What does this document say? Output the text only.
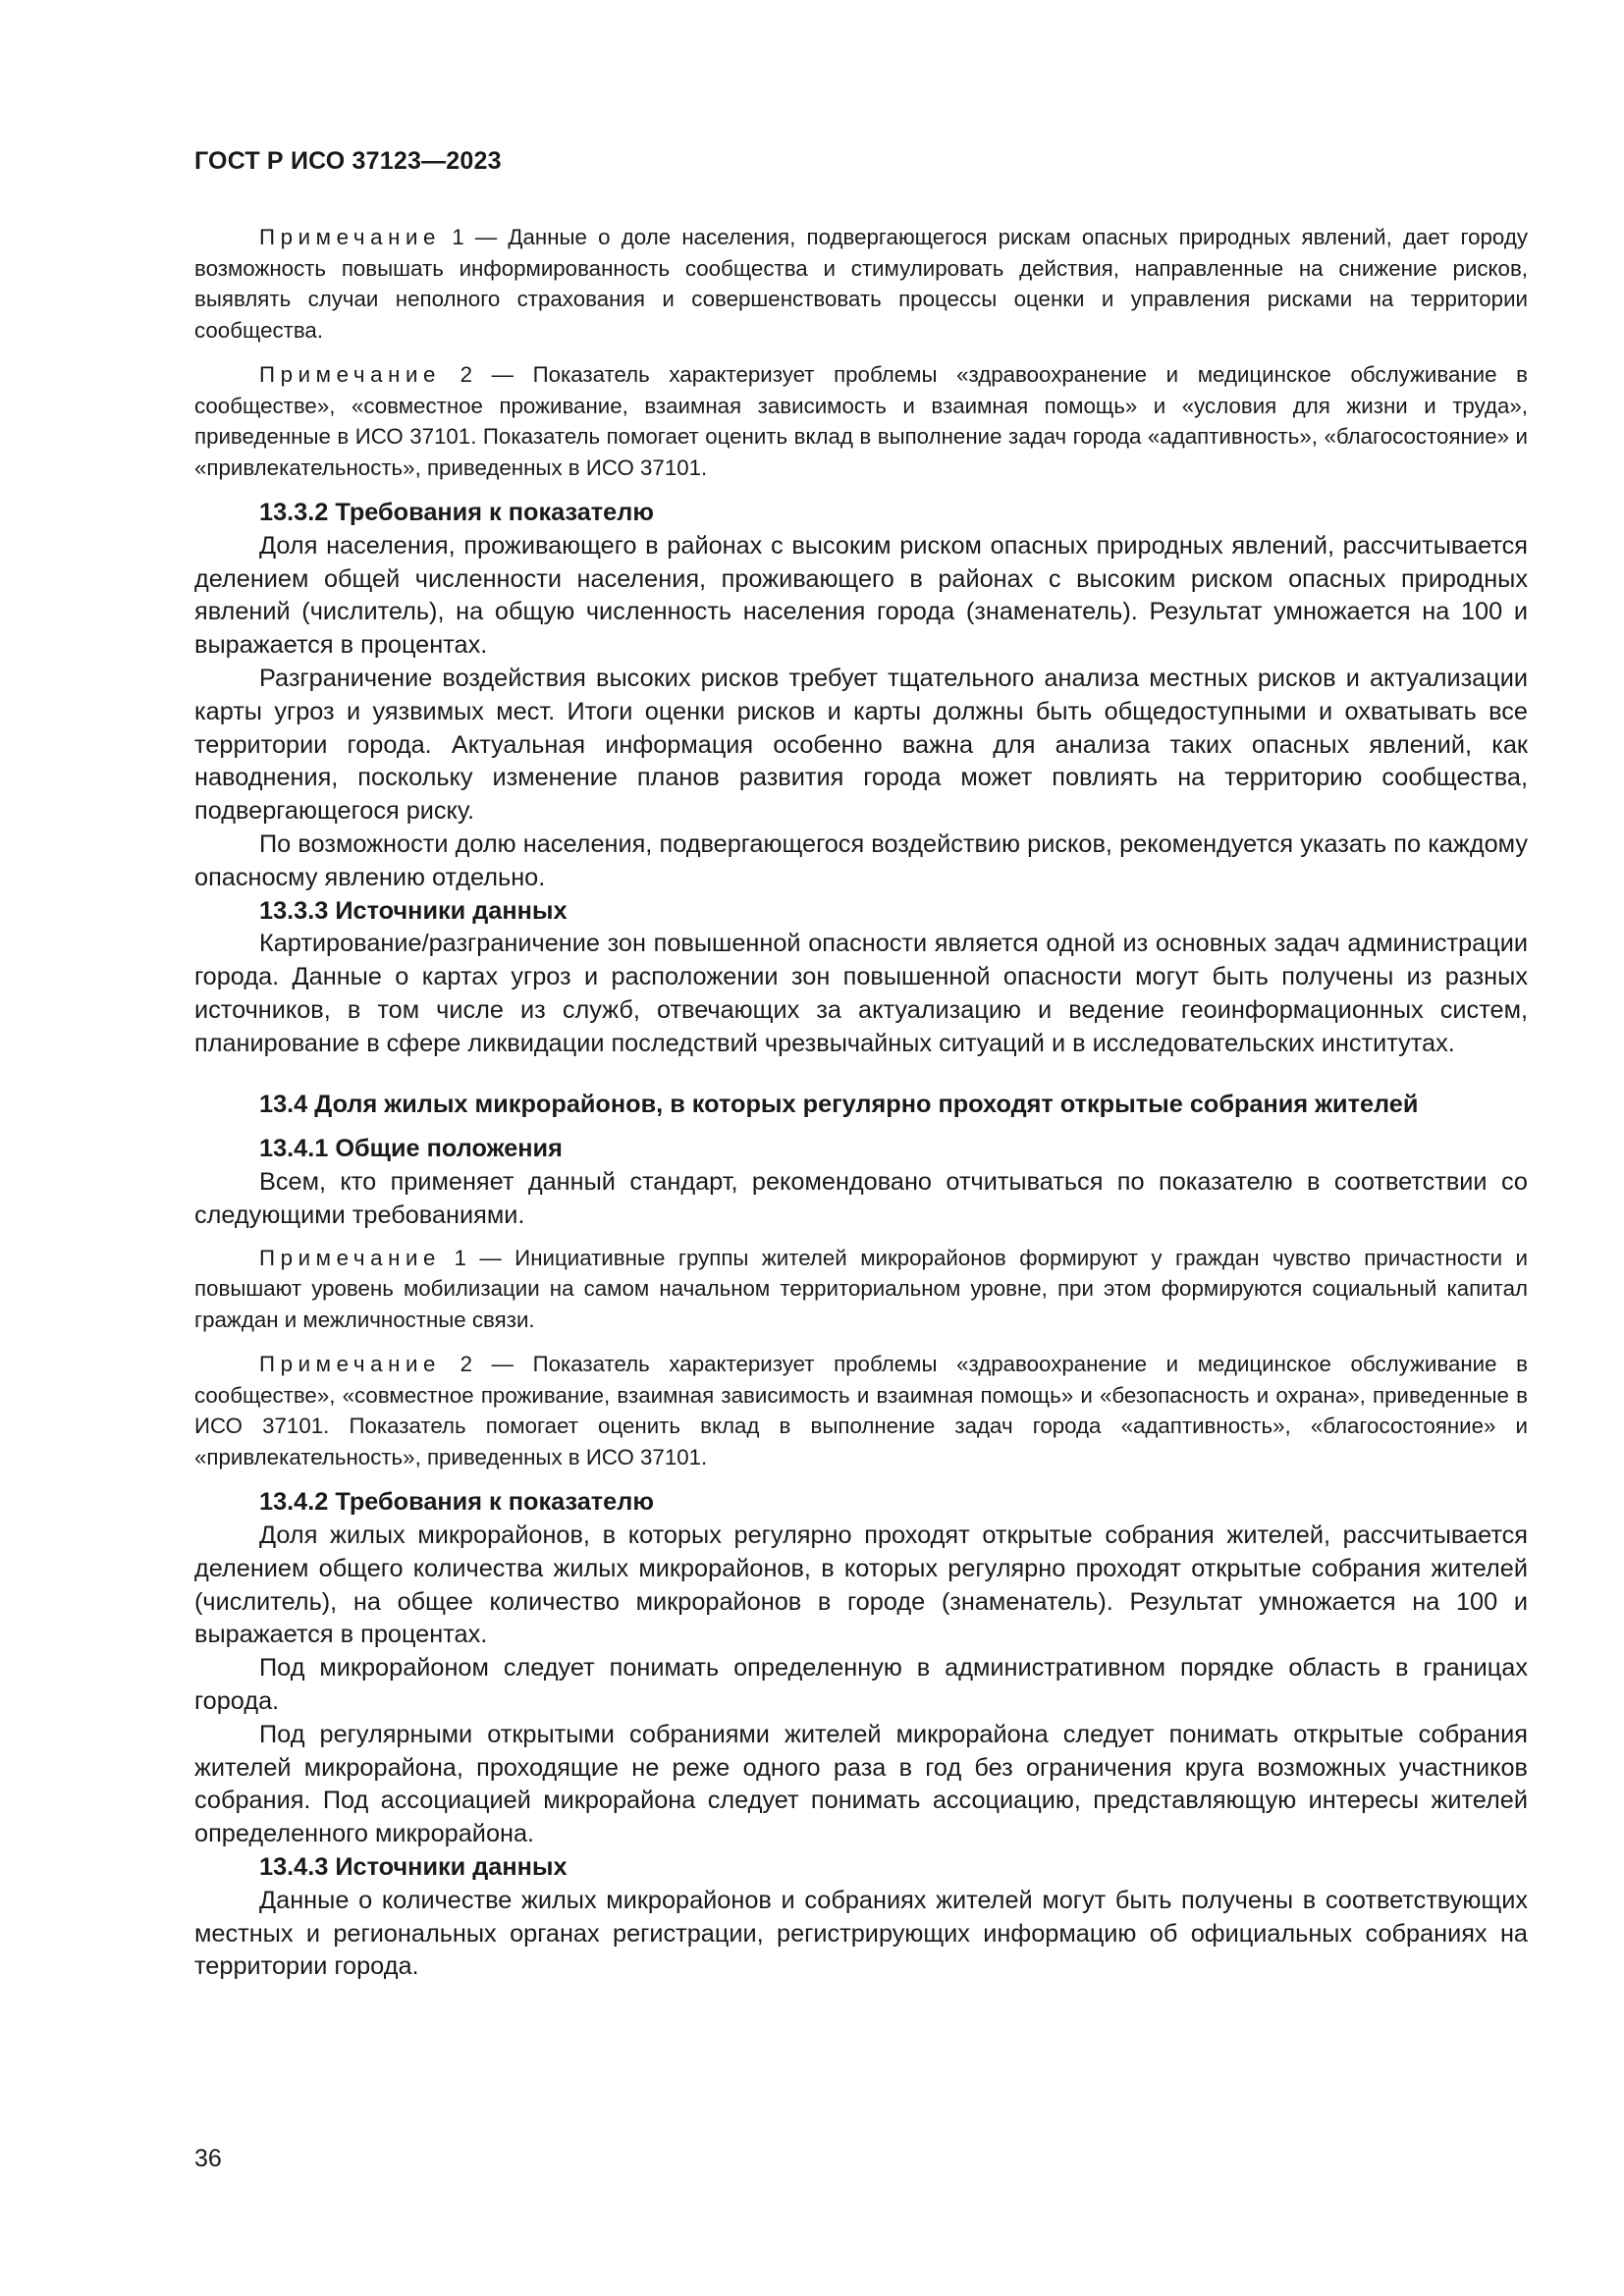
ГОСТ Р ИСО 37123—2023

Примечание 1 — Данные о доле населения, подвергающегося рискам опасных природных явлений, дает городу возможность повышать информированность сообщества и стимулировать действия, направленные на снижение рисков, выявлять случаи неполного страхования и совершенствовать процессы оценки и управления рисками на территории сообщества.

Примечание 2 — Показатель характеризует проблемы «здравоохранение и медицинское обслуживание в сообществе», «совместное проживание, взаимная зависимость и взаимная помощь» и «условия для жизни и труда», приведенные в ИСО 37101. Показатель помогает оценить вклад в выполнение задач города «адаптивность», «благосостояние» и «привлекательность», приведенных в ИСО 37101.

13.3.2 Требования к показателю

Доля населения, проживающего в районах с высоким риском опасных природных явлений, рассчитывается делением общей численности населения, проживающего в районах с высоким риском опасных природных явлений (числитель), на общую численность населения города (знаменатель). Результат умножается на 100 и выражается в процентах.

Разграничение воздействия высоких рисков требует тщательного анализа местных рисков и актуализации карты угроз и уязвимых мест. Итоги оценки рисков и карты должны быть общедоступными и охватывать все территории города. Актуальная информация особенно важна для анализа таких опасных явлений, как наводнения, поскольку изменение планов развития города может повлиять на территорию сообщества, подвергающегося риску.

По возможности долю населения, подвергающегося воздействию рисков, рекомендуется указать по каждому опасносму явлению отдельно.

13.3.3 Источники данных

Картирование/разграничение зон повышенной опасности является одной из основных задач администрации города. Данные о картах угроз и расположении зон повышенной опасности могут быть получены из разных источников, в том числе из служб, отвечающих за актуализацию и ведение геоинформационных систем, планирование в сфере ликвидации последствий чрезвычайных ситуаций и в исследовательских институтах.

13.4 Доля жилых микрорайонов, в которых регулярно проходят открытые собрания жителей

13.4.1 Общие положения

Всем, кто применяет данный стандарт, рекомендовано отчитываться по показателю в соответствии со следующими требованиями.

Примечание 1 — Инициативные группы жителей микрорайонов формируют у граждан чувство причастности и повышают уровень мобилизации на самом начальном территориальном уровне, при этом формируются социальный капитал граждан и межличностные связи.

Примечание 2 — Показатель характеризует проблемы «здравоохранение и медицинское обслуживание в сообществе», «совместное проживание, взаимная зависимость и взаимная помощь» и «безопасность и охрана», приведенные в ИСО 37101. Показатель помогает оценить вклад в выполнение задач города «адаптивность», «благосостояние» и «привлекательность», приведенных в ИСО 37101.

13.4.2 Требования к показателю

Доля жилых микрорайонов, в которых регулярно проходят открытые собрания жителей, рассчитывается делением общего количества жилых микрорайонов, в которых регулярно проходят открытые собрания жителей (числитель), на общее количество микрорайонов в городе (знаменатель). Результат умножается на 100 и выражается в процентах.

Под микрорайоном следует понимать определенную в административном порядке область в границах города.

Под регулярными открытыми собраниями жителей микрорайона следует понимать открытые собрания жителей микрорайона, проходящие не реже одного раза в год без ограничения круга возможных участников собрания. Под ассоциацией микрорайона следует понимать ассоциацию, представляющую интересы жителей определенного микрорайона.

13.4.3 Источники данных

Данные о количестве жилых микрорайонов и собраниях жителей могут быть получены в соответствующих местных и региональных органах регистрации, регистрирующих информацию об официальных собраниях на территории города.

36
